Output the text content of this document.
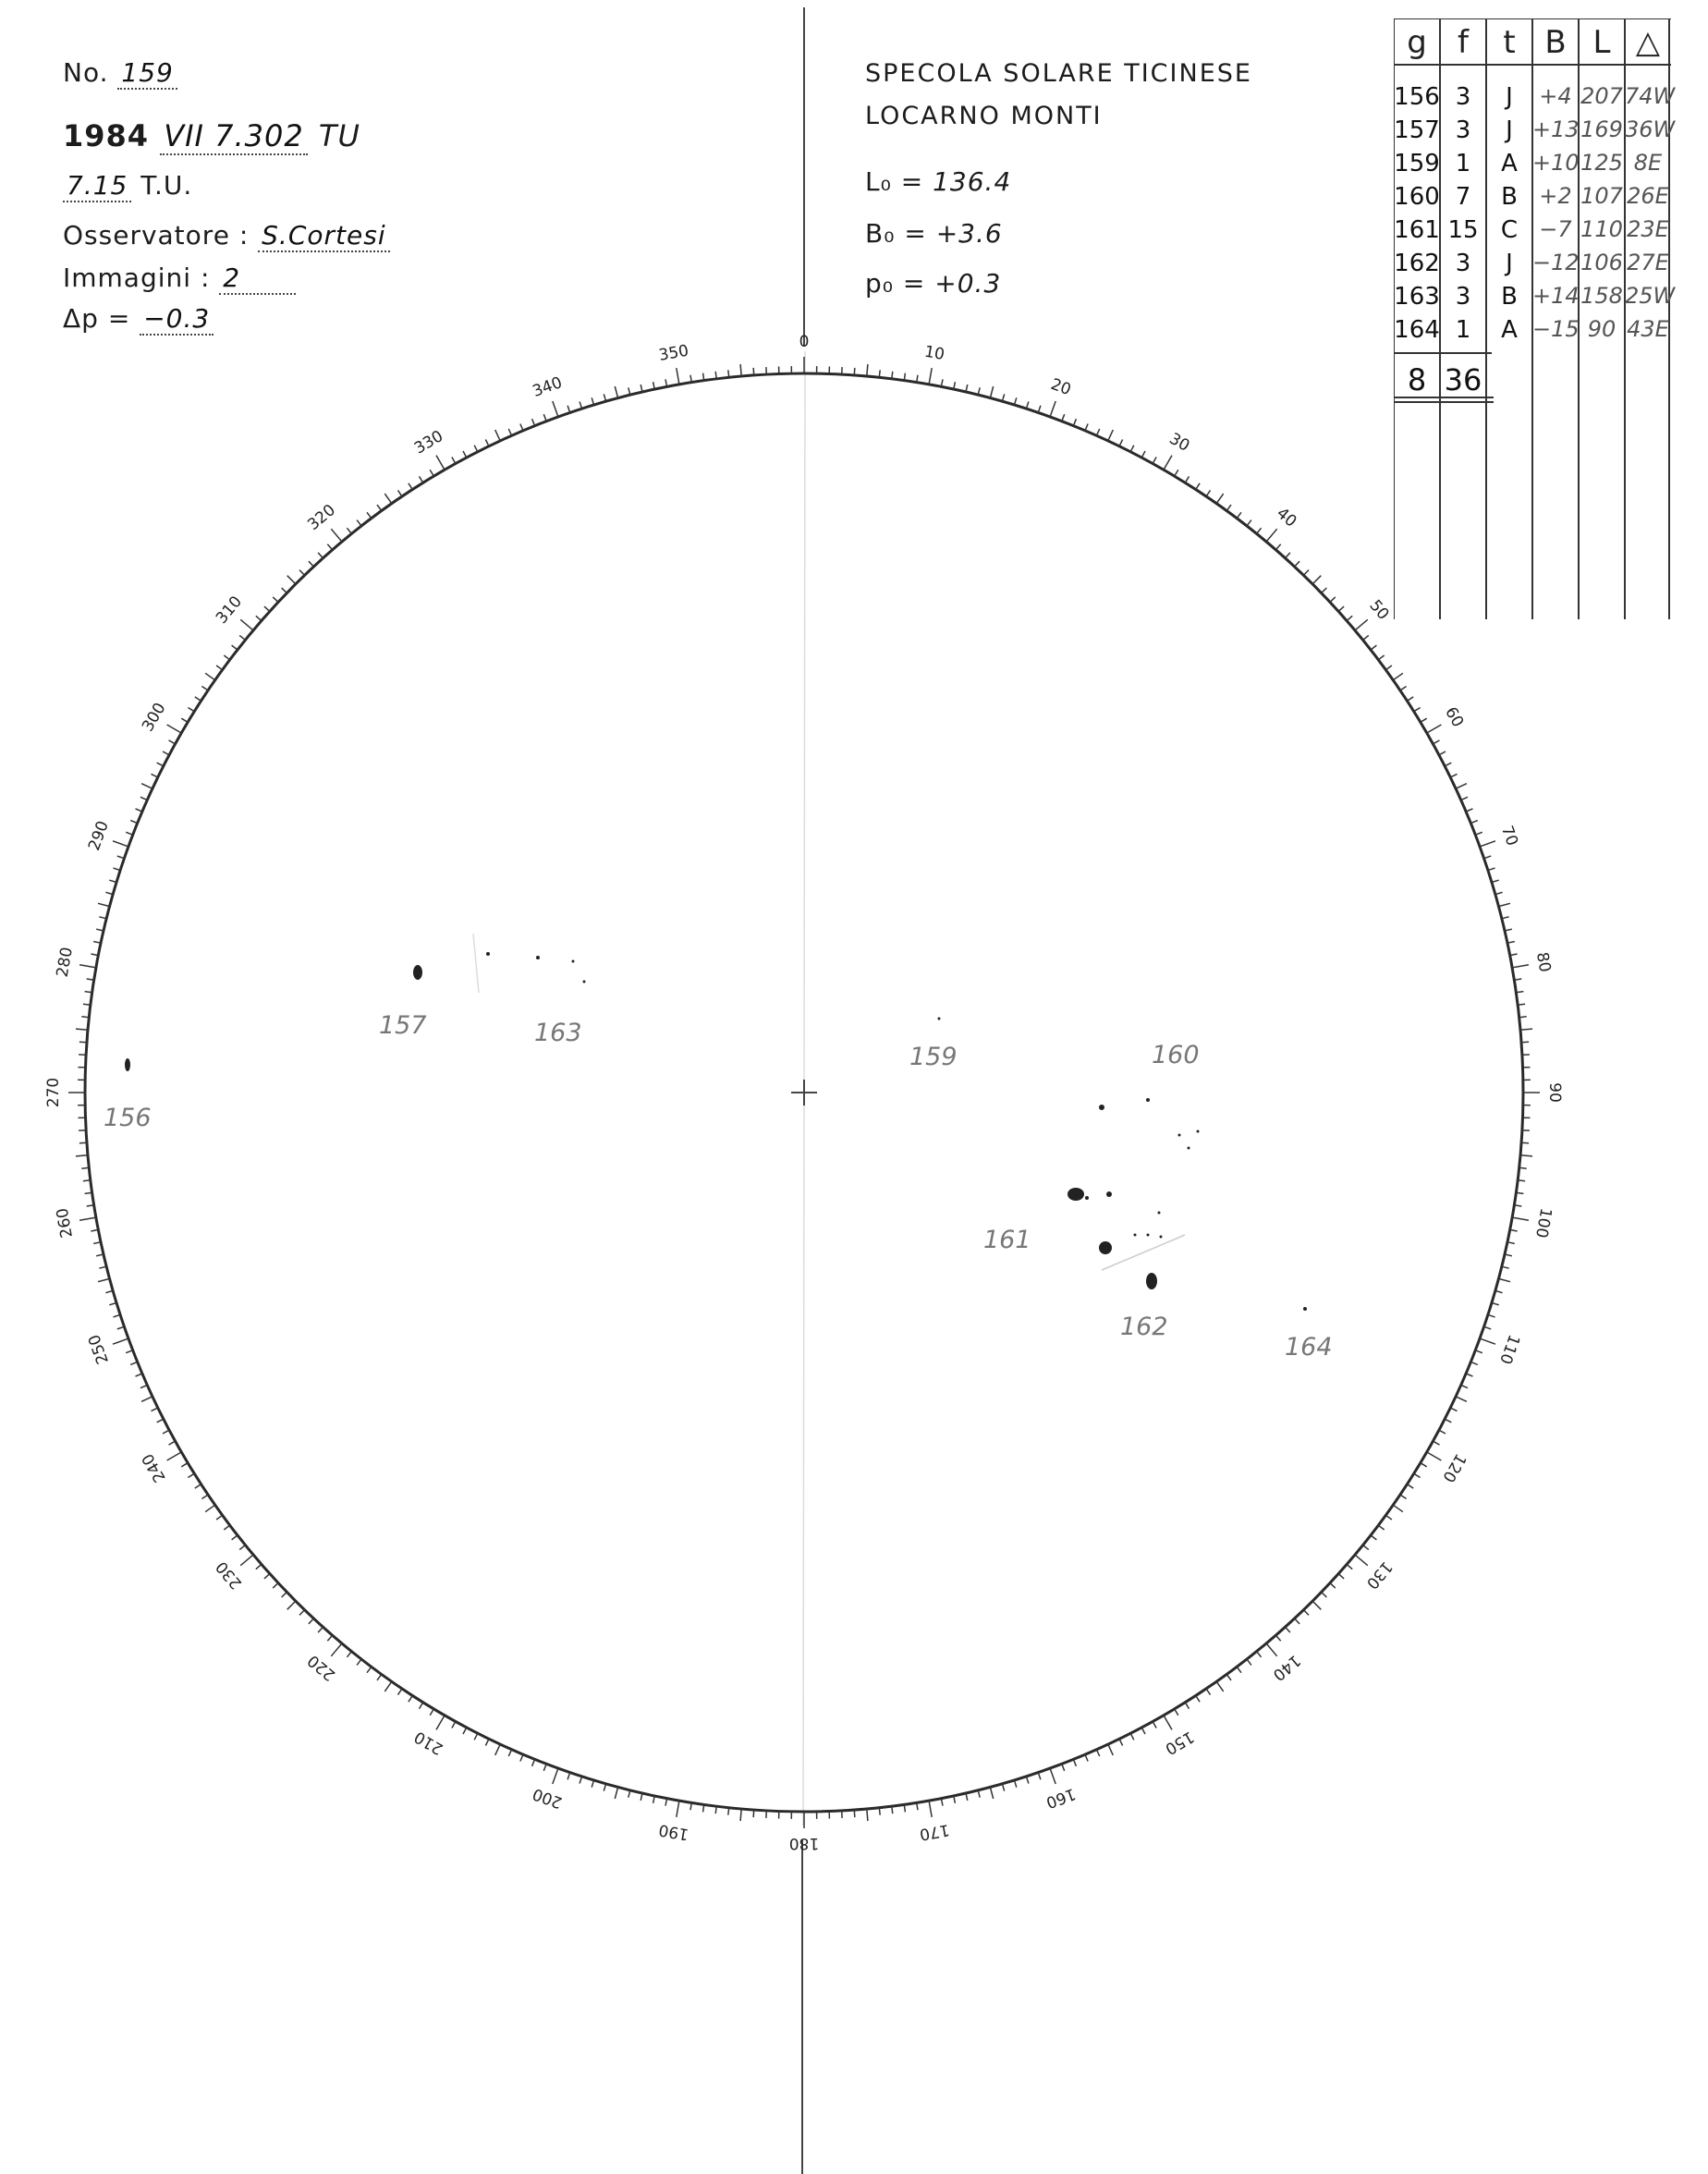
No. 159
1984 VII 7.302 TU
7.15 T.U.
Osservatore : S.Cortesi
Immagini : 2
Δp = −0.3
SPECOLA SOLARE TICINESE
LOCARNO MONTI
L₀ = 136.4
B₀ = +3.6
p₀ = +0.3
g f	t B L △
156 3	J	+4 207 74W
157 3	J +13 169 36W
159 1	A +10 125 8E
160 7	B +2 107 26E
161 15 C −7 110 23E
162 3	J −12 106 27E
163 3	B +14 158 25W
164 1	A −15 90 43E
8 36
0
10
20
30
40
50
60
70
80
90
100
110
120
130
140
150
160
170
180
190
200
210
220
230
240
250
260
270
280
290
300
310
320
330
340
350
156
157	163
159	160
161
162
164
